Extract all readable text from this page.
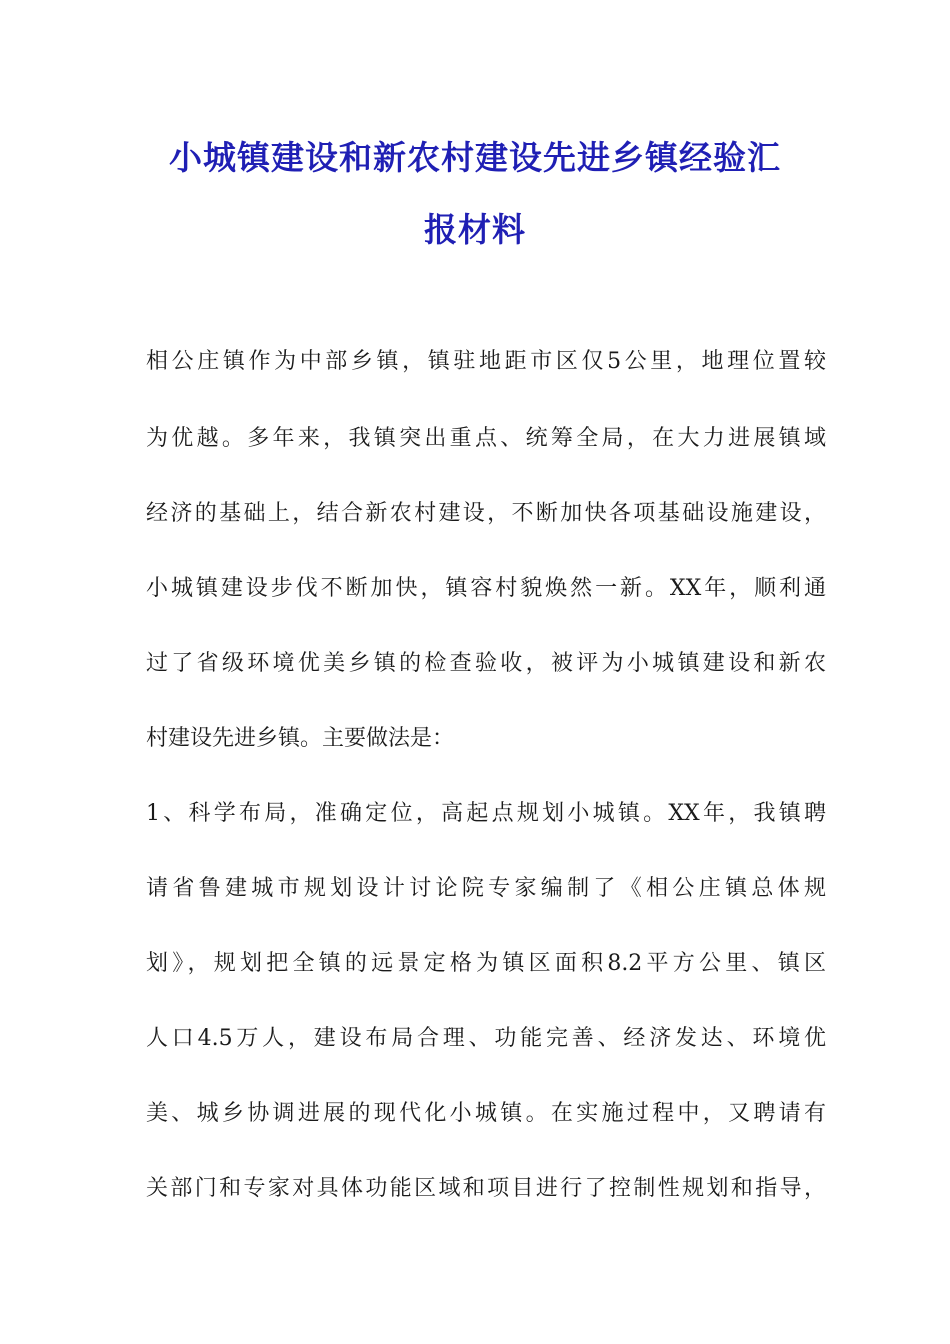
小城镇建设和新农村建设先进乡镇经验汇
报材料

相公庄镇作为中部乡镇，镇驻地距市区仅5公里，地理位置较

为优越。多年来，我镇突出重点、统筹全局，在大力进展镇域

经济的基础上，结合新农村建设，不断加快各项基础设施建设，

小城镇建设步伐不断加快，镇容村貌焕然一新。XX年，顺利通

过了省级环境优美乡镇的检查验收，被评为小城镇建设和新农

村建设先进乡镇。主要做法是：

1、科学布局，准确定位，高起点规划小城镇。XX年，我镇聘

请省鲁建城市规划设计讨论院专家编制了《相公庄镇总体规

划》，规划把全镇的远景定格为镇区面积8.2平方公里、镇区

人口4.5万人，建设布局合理、功能完善、经济发达、环境优

美、城乡协调进展的现代化小城镇。在实施过程中，又聘请有

关部门和专家对具体功能区域和项目进行了控制性规划和指导，
